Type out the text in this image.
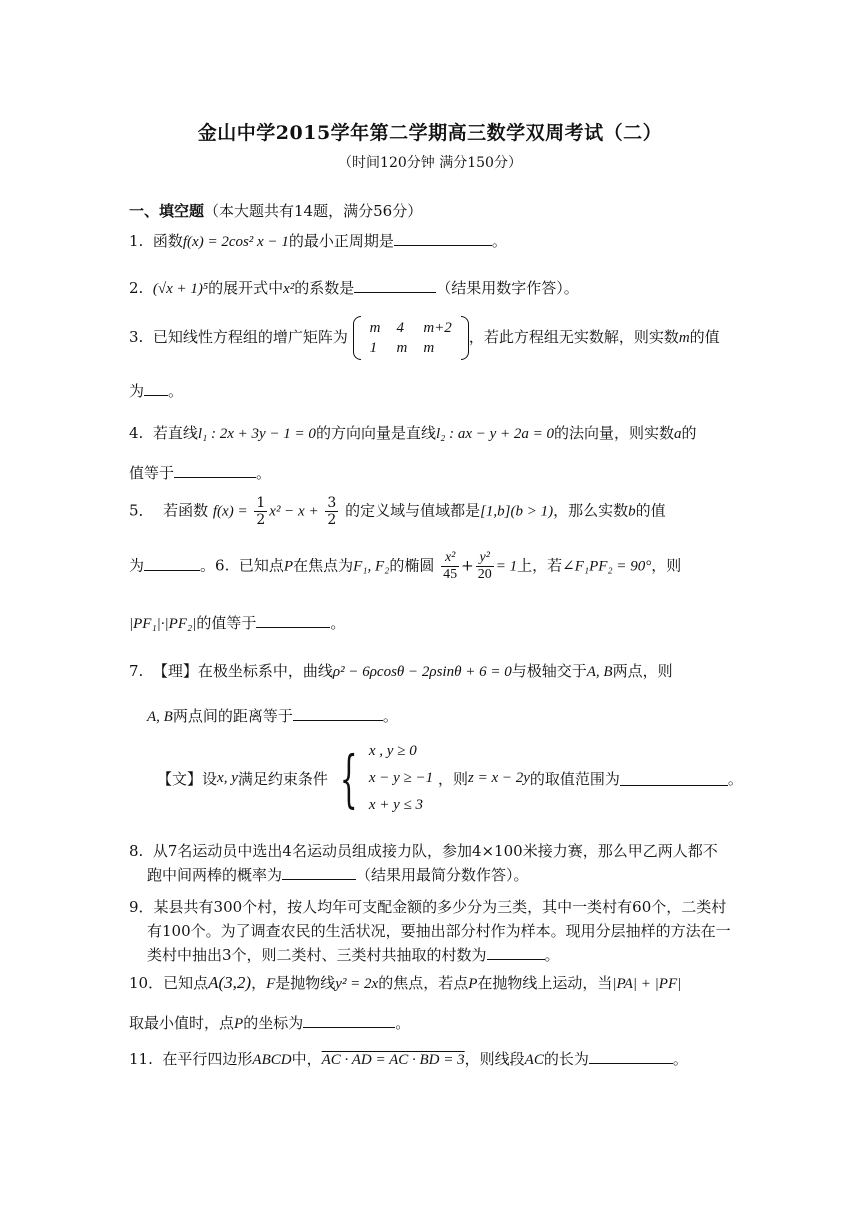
金山中学2015学年第二学期高三数学双周考试（二）
（时间120分钟 满分150分）
一、填空题（本大题共有14题，满分56分）
1. 函数f(x) = 2cos² x − 1的最小正周期是	。
2. (√x + 1)⁵的展开式中x²的系数是	（结果用数字作答）。
3. 已知线性方程组的增广矩阵为 m	4	m+2
1	m	m
，若此方程组无实数解，则实数m的值
为 。
4. 若直线l₁ : 2x + 3y − 1 = 0的方向向量是直线l₂ : ax − y + 2a = 0的法向量，则实数a的
值等于	。
5． 若函数 $f(x) = \frac{1}{2} x^2 - x + \frac{3}{2}$ 的定义域与值域都是[1,b](b > 1)，那么实数b的值
为	。6. 已知点P在焦点为F₁, F₂的椭圆 $\frac{\text{x²}}{45} + \frac{\text{y²}}{20} = 1$上，若∠F₁PF₂ = 90°，则
|PF₁|·|PF₂|的值等于	。
7. 【理】在极坐标系中，曲线ρ² − 6ρcosθ − 2ρsinθ + 6 = 0与极轴交于A, B两点，则
A, B两点间的距离等于	。
【文】设x, y满足约束条件 { x , y ≥ 0
x − y ≥ −1
x + y ≤ 3
，则z = x − 2y的取值范围为	。
8. 从7名运动员中选出4名运动员组成接力队，参加4×100米接力赛，那么甲乙两人都不
跑中间两棒的概率为	（结果用最简分数作答）。
9．某县共有300个村，按人均年可支配金额的多少分为三类，其中一类村有60个，二类村
有100个。为了调查农民的生活状况，要抽出部分村作为样本。现用分层抽样的方法在一
类村中抽出3个，则二类村、三类村共抽取的村数为	。
10．已知点A(3,2)，F是抛物线y² = 2x的焦点，若点P在抛物线上运动，当|PA| + |PF|
取最小值时，点P的坐标为	。
11. 在平行四边形ABCD中，AC · AD = AC · BD = 3，则线段AC的长为	。
